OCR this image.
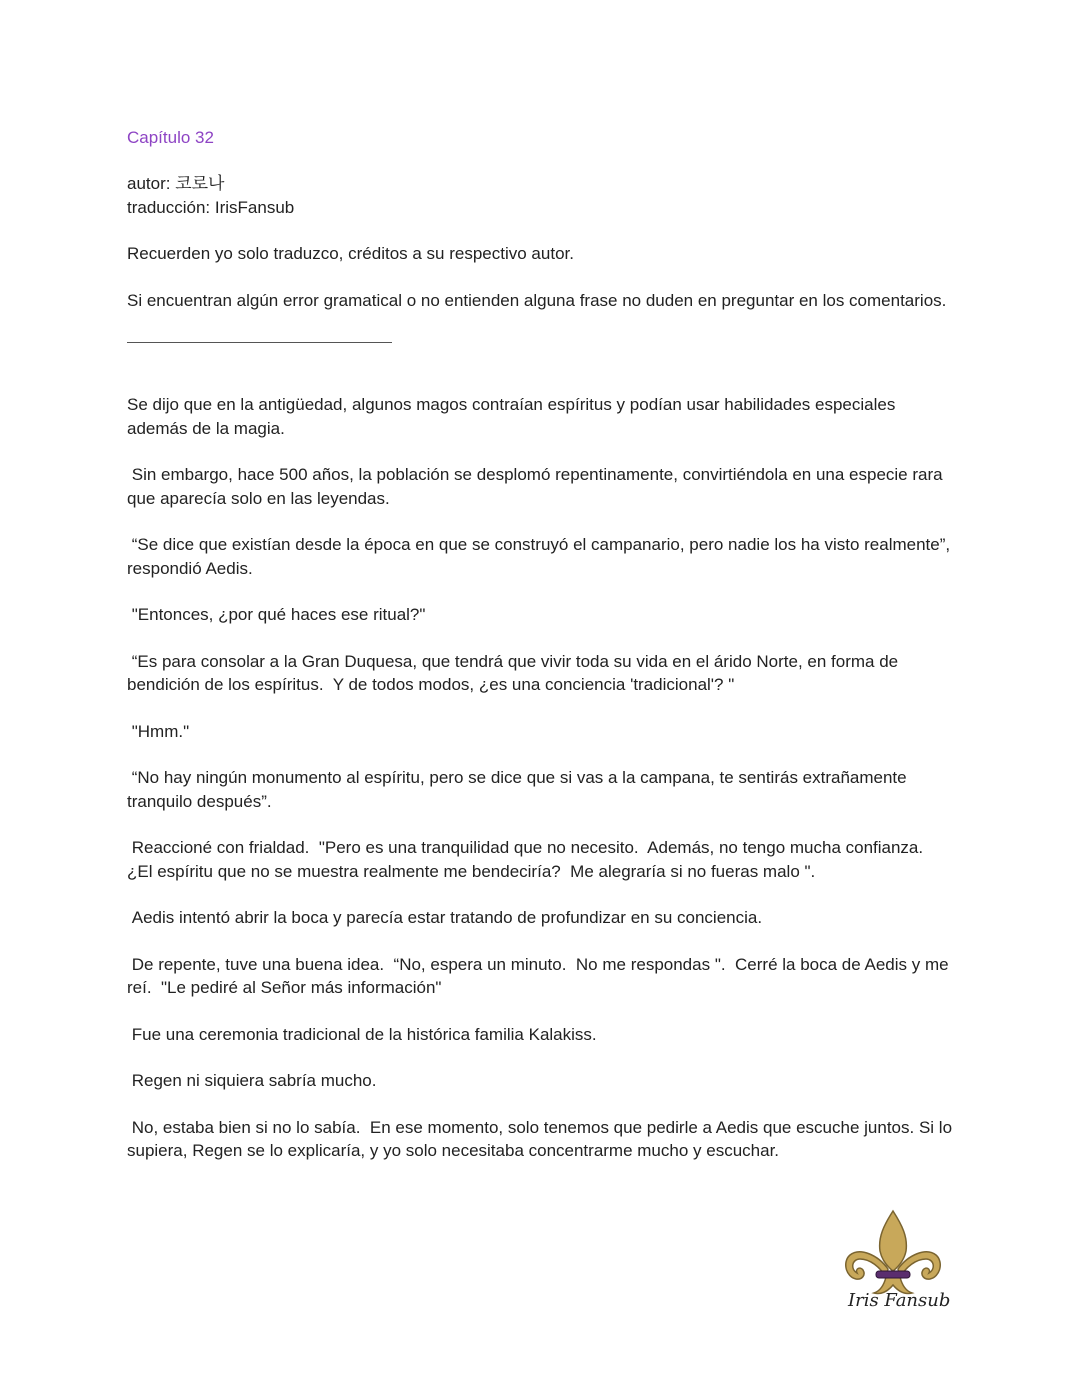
Capítulo 32

autor: 코로나

traducción: IrisFansub

Recuerden yo solo traduzco, créditos a su respectivo autor.

Si encuentran algún error gramatical o no entienden alguna frase no duden en preguntar en los comentarios.

Se dijo que en la antigüedad, algunos magos contraían espíritus y podían usar habilidades especiales además de la magia.

Sin embargo, hace 500 años, la población se desplomó repentinamente, convirtiéndola en una especie rara que aparecía solo en las leyendas.

“Se dice que existían desde la época en que se construyó el campanario, pero nadie los ha visto realmente”, respondió Aedis.

"Entonces, ¿por qué haces ese ritual?"

“Es para consolar a la Gran Duquesa, que tendrá que vivir toda su vida en el árido Norte, en forma de bendición de los espíritus.  Y de todos modos, ¿es una conciencia 'tradicional'? "

"Hmm."

“No hay ningún monumento al espíritu, pero se dice que si vas a la campana, te sentirás extrañamente tranquilo después”.

Reaccioné con frialdad.  "Pero es una tranquilidad que no necesito.  Además, no tengo mucha confianza.  ¿El espíritu que no se muestra realmente me bendeciría?  Me alegraría si no fueras malo ".

Aedis intentó abrir la boca y parecía estar tratando de profundizar en su conciencia.

De repente, tuve una buena idea.  “No, espera un minuto.  No me respondas ".  Cerré la boca de Aedis y me reí.  "Le pediré al Señor más información"

Fue una ceremonia tradicional de la histórica familia Kalakiss.

Regen ni siquiera sabría mucho.

No, estaba bien si no lo sabía.  En ese momento, solo tenemos que pedirle a Aedis que escuche juntos. Si lo supiera, Regen se lo explicaría, y yo solo necesitaba concentrarme mucho y escuchar.

Iris Fansub
